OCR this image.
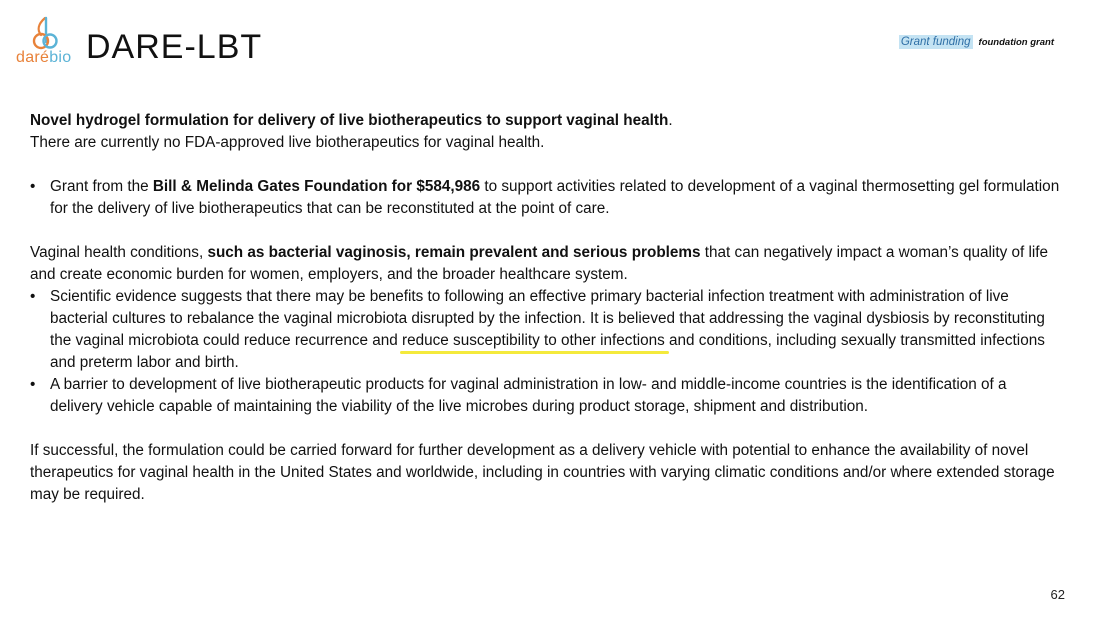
darébio DARE-LBT	Grant funding foundation grant

Novel hydrogel formulation for delivery of live biotherapeutics to support vaginal health.

There are currently no FDA-approved live biotherapeutics for vaginal health.

• Grant from the Bill & Melinda Gates Foundation for $584,986 to support activities related to development of a vaginal thermosetting gel formulation for the delivery of live biotherapeutics that can be reconstituted at the point of care.

Vaginal health conditions, such as bacterial vaginosis, remain prevalent and serious problems that can negatively impact a woman’s quality of life and create economic burden for women, employers, and the broader healthcare system.

• Scientific evidence suggests that there may be benefits to following an effective primary bacterial infection treatment with administration of live bacterial cultures to rebalance the vaginal microbiota disrupted by the infection. It is believed that addressing the vaginal dysbiosis by reconstituting the vaginal microbiota could reduce recurrence and reduce susceptibility to other infections and conditions, including sexually transmitted infections and preterm labor and birth.
• A barrier to development of live biotherapeutic products for vaginal administration in low- and middle-income countries is the identification of a delivery vehicle capable of maintaining the viability of the live microbes during product storage, shipment and distribution.

If successful, the formulation could be carried forward for further development as a delivery vehicle with potential to enhance the availability of novel therapeutics for vaginal health in the United States and worldwide, including in countries with varying climatic conditions and/or where extended storage may be required.

62
